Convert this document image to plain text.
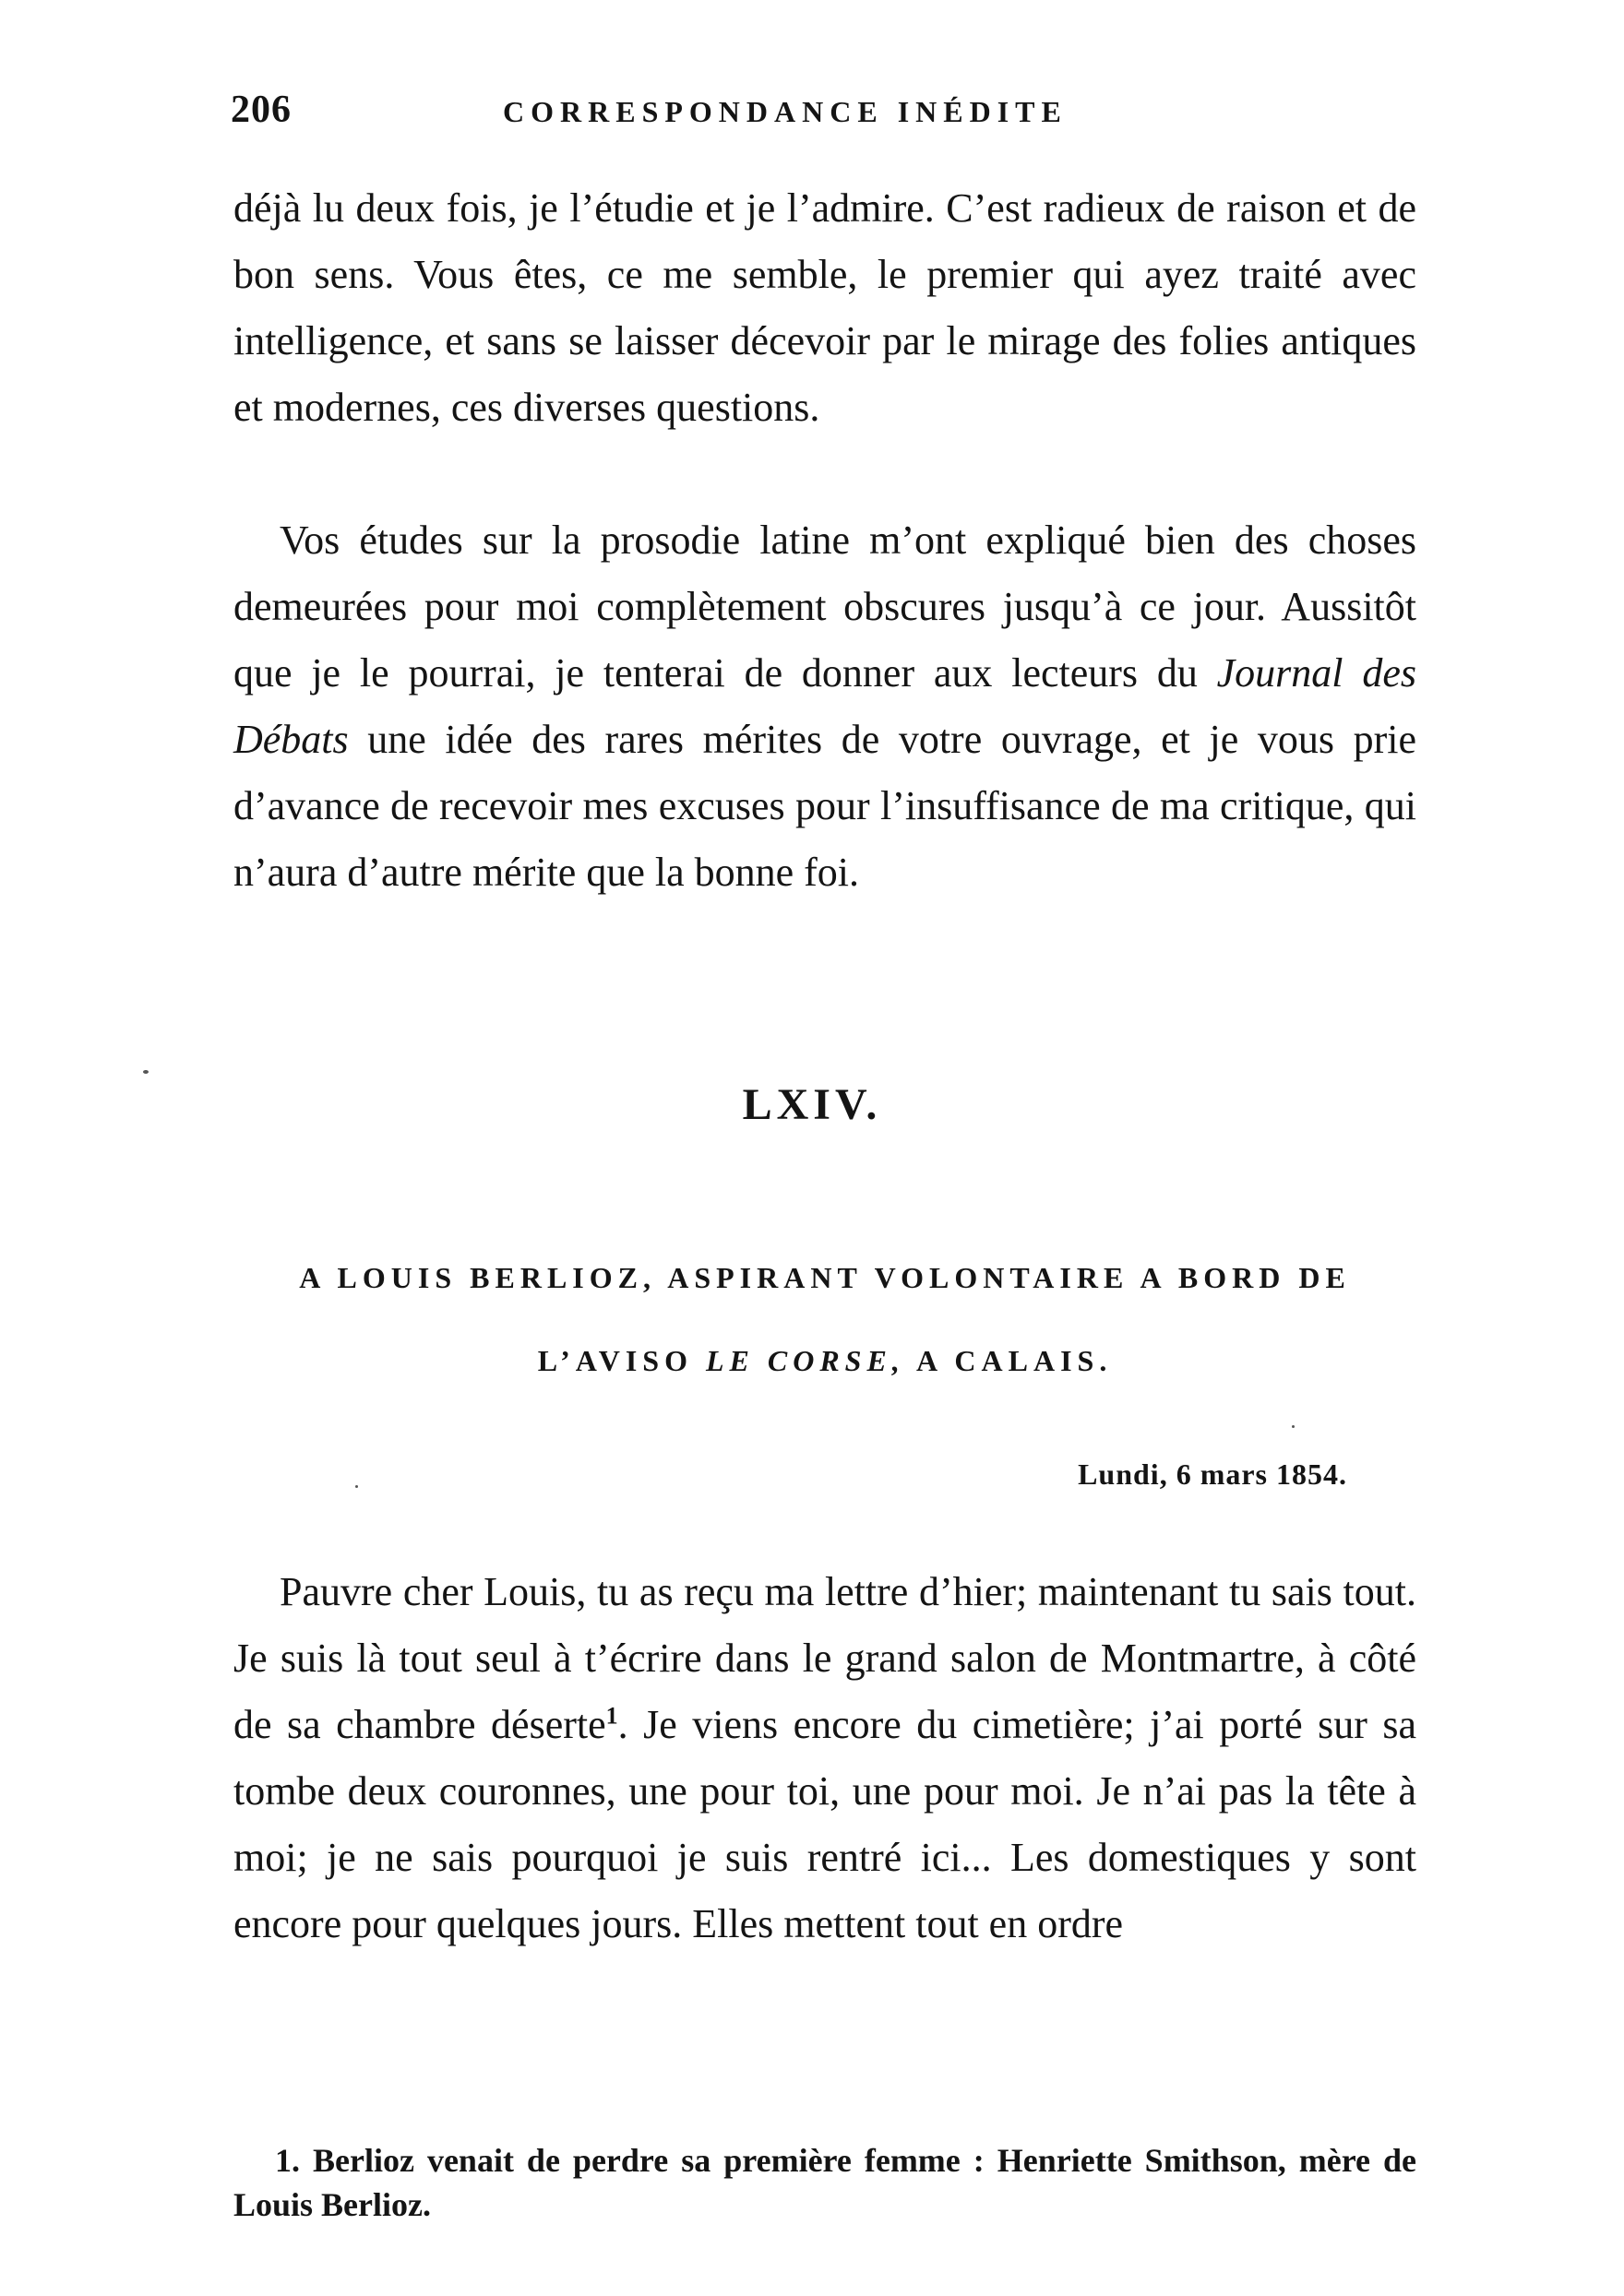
206	CORRESPONDANCE INÉDITE

déjà lu deux fois, je l’étudie et je l’admire. C’est radieux de raison et de bon sens. Vous êtes, ce me semble, le premier qui ayez traité avec intelligence, et sans se laisser décevoir par le mirage des folies antiques et modernes, ces diverses questions.

Vos études sur la prosodie latine m’ont expliqué bien des choses demeurées pour moi complètement obscures jusqu’à ce jour. Aussitôt que je le pourrai, je tenterai de donner aux lecteurs du Journal des Débats une idée des rares mérites de votre ouvrage, et je vous prie d’avance de recevoir mes excuses pour l’insuffisance de ma critique, qui n’aura d’autre mérite que la bonne foi.

LXIV.
A LOUIS BERLIOZ, ASPIRANT VOLONTAIRE A BORD DE
L’AVISO LE CORSE, A CALAIS.
Lundi, 6 mars 1854.

Pauvre cher Louis, tu as reçu ma lettre d’hier; maintenant tu sais tout. Je suis là tout seul à t’écrire dans le grand salon de Montmartre, à côté de sa chambre déserte$^1$. Je viens encore du cimetière; j’ai porté sur sa tombe deux couronnes, une pour toi, une pour moi. Je n’ai pas la tête à moi; je ne sais pourquoi je suis rentré ici... Les domestiques y sont encore pour quelques jours. Elles mettent tout en ordre

1. Berlioz venait de perdre sa première femme : Henriette Smithson, mère de Louis Berlioz.
